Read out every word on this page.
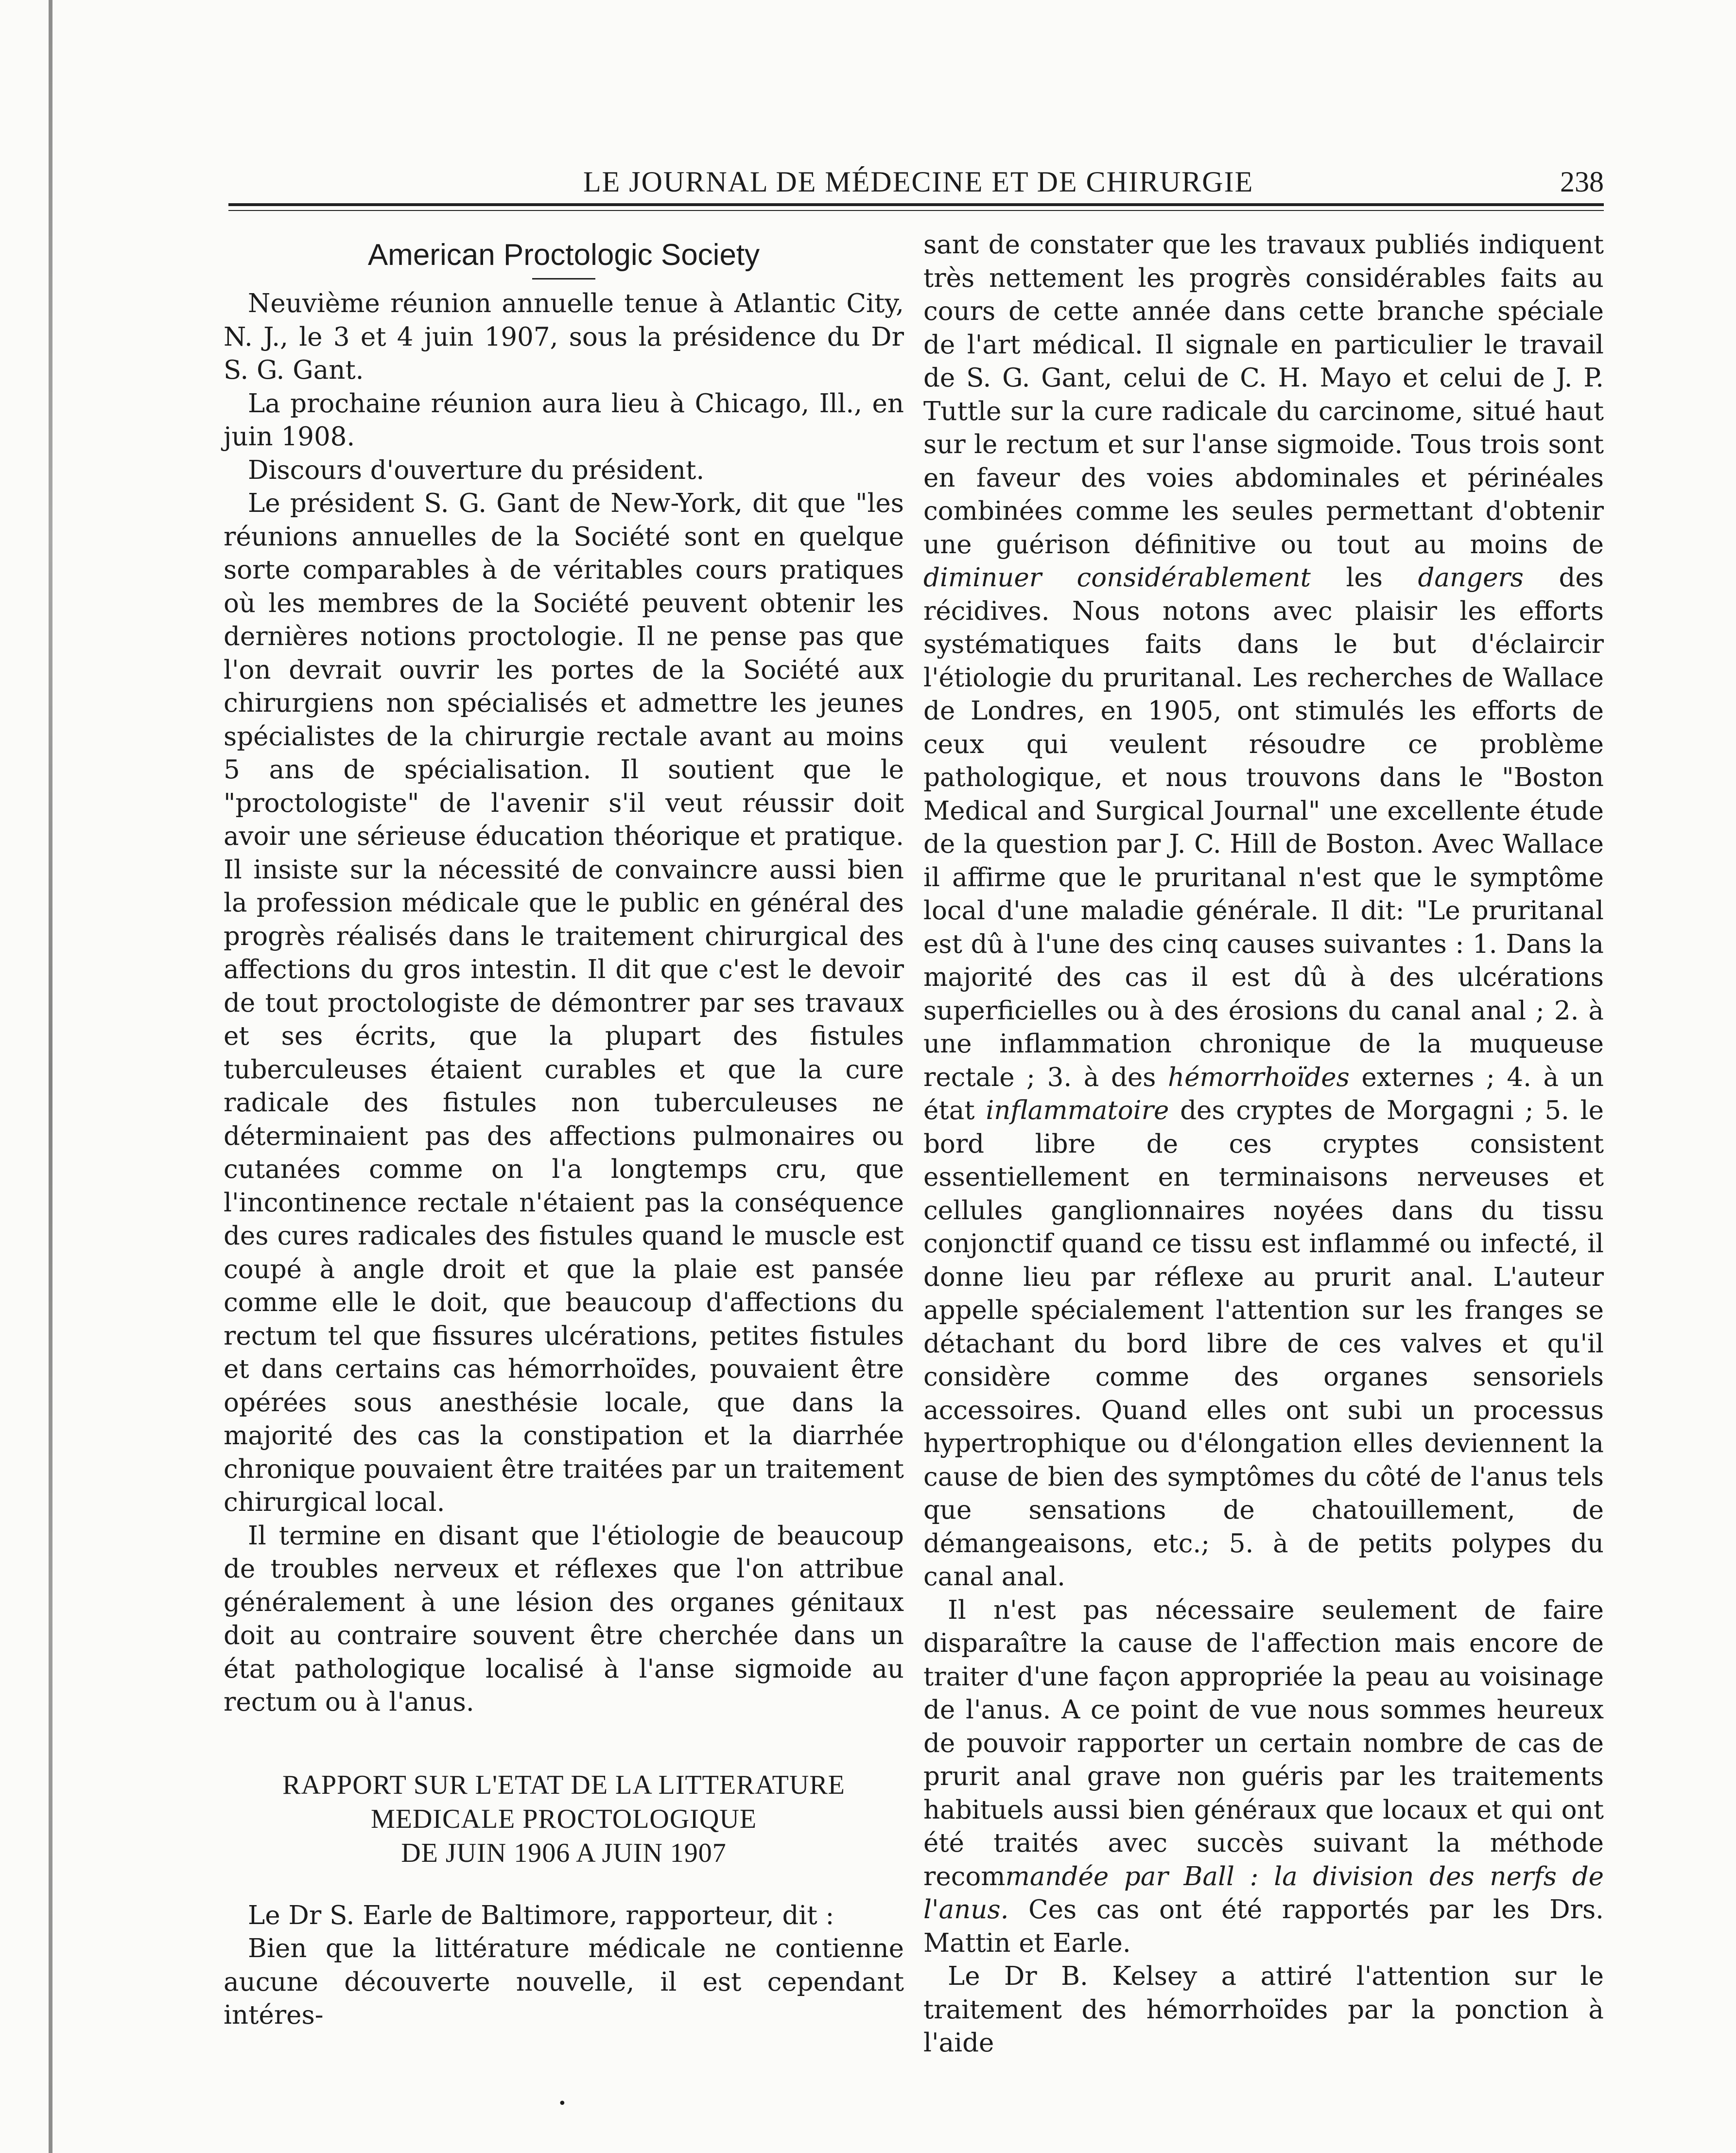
LE JOURNAL DE MÉDECINE ET DE CHIRURGIE	238
American Proctologic Society

Neuvième réunion annuelle tenue à Atlantic City, N. J., le 3 et 4 juin 1907, sous la présidence du Dr S. G. Gant.

La prochaine réunion aura lieu à Chicago, Ill., en juin 1908.

Discours d'ouverture du président.

Le président S. G. Gant de New-York, dit que "les réunions annuelles de la Société sont en quelque sorte comparables à de véritables cours pratiques où les membres de la Société peuvent obtenir les dernières notions proctologie. Il ne pense pas que l'on devrait ouvrir les portes de la Société aux chirurgiens non spécialisés et admettre les jeunes spécialistes de la chirurgie rectale avant au moins 5 ans de spécialisation. Il soutient que le "proctologiste" de l'avenir s'il veut réussir doit avoir une sérieuse éducation théorique et pratique. Il insiste sur la nécessité de convaincre aussi bien la profession médicale que le public en général des progrès réalisés dans le traitement chirurgical des affections du gros intestin. Il dit que c'est le devoir de tout proctologiste de démontrer par ses travaux et ses écrits, que la plupart des fistules tuberculeuses étaient curables et que la cure radicale des fistules non tuberculeuses ne déterminaient pas des affections pulmonaires ou cutanées comme on l'a longtemps cru, que l'incontinence rectale n'étaient pas la conséquence des cures radicales des fistules quand le muscle est coupé à angle droit et que la plaie est pansée comme elle le doit, que beaucoup d'affections du rectum tel que fissures ulcérations, petites fistules et dans certains cas hémorrhoïdes, pouvaient être opérées sous anesthésie locale, que dans la majorité des cas la constipation et la diarrhée chronique pouvaient être traitées par un traitement chirurgical local.

Il termine en disant que l'étiologie de beaucoup de troubles nerveux et réflexes que l'on attribue généralement à une lésion des organes génitaux doit au contraire souvent être cherchée dans un état pathologique localisé à l'anse sigmoide au rectum ou à l'anus.

RAPPORT SUR L'ETAT DE LA LITTERATURE
MEDICALE PROCTOLOGIQUE
DE JUIN 1906 A JUIN 1907

Le Dr S. Earle de Baltimore, rapporteur, dit :

Bien que la littérature médicale ne contienne aucune découverte nouvelle, il est cependant intéres-

sant de constater que les travaux publiés indiquent très nettement les progrès considérables faits au cours de cette année dans cette branche spéciale de l'art médical. Il signale en particulier le travail de S. G. Gant, celui de C. H. Mayo et celui de J. P. Tuttle sur la cure radicale du carcinome, situé haut sur le rectum et sur l'anse sigmoide. Tous trois sont en faveur des voies abdominales et périnéales combinées comme les seules permettant d'obtenir une guérison définitive ou tout au moins de diminuer considérablement les dangers des récidives. Nous notons avec plaisir les efforts systématiques faits dans le but d'éclaircir l'étiologie du pruritanal. Les recherches de Wallace de Londres, en 1905, ont stimulés les efforts de ceux qui veulent résoudre ce problème pathologique, et nous trouvons dans le "Boston Medical and Surgical Journal" une excellente étude de la question par J. C. Hill de Boston. Avec Wallace il affirme que le pruritanal n'est que le symptôme local d'une maladie générale. Il dit: "Le pruritanal est dû à l'une des cinq causes suivantes : 1. Dans la majorité des cas il est dû à des ulcérations superficielles ou à des érosions du canal anal ; 2. à une inflammation chronique de la muqueuse rectale ; 3. à des hémorrhoïdes externes ; 4. à un état inflammatoire des cryptes de Morgagni ; 5. le bord libre de ces cryptes consistent essentiellement en terminaisons nerveuses et cellules ganglionnaires noyées dans du tissu conjonctif quand ce tissu est inflammé ou infecté, il donne lieu par réflexe au prurit anal. L'auteur appelle spécialement l'attention sur les franges se détachant du bord libre de ces valves et qu'il considère comme des organes sensoriels accessoires. Quand elles ont subi un processus hypertrophique ou d'élongation elles deviennent la cause de bien des symptômes du côté de l'anus tels que sensations de chatouillement, de démangeaisons, etc.; 5. à de petits polypes du canal anal.

Il n'est pas nécessaire seulement de faire disparaître la cause de l'affection mais encore de traiter d'une façon appropriée la peau au voisinage de l'anus. A ce point de vue nous sommes heureux de pouvoir rapporter un certain nombre de cas de prurit anal grave non guéris par les traitements habituels aussi bien généraux que locaux et qui ont été traités avec succès suivant la méthode recommandée par Ball : la division des nerfs de l'anus. Ces cas ont été rapportés par les Drs. Mattin et Earle.

Le Dr B. Kelsey a attiré l'attention sur le traitement des hémorrhoïdes par la ponction à l'aide

•
